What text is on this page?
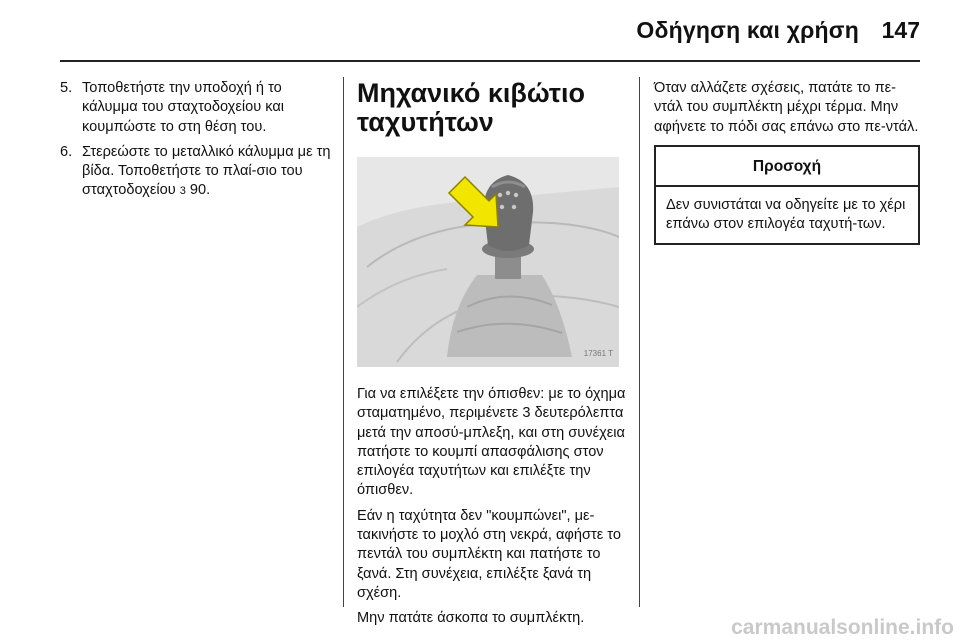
Οδήγηση και χρήση 147
5. Τοποθετήστε την υποδοχή ή το κάλυμμα του σταχτοδοχείου και κουμπώστε το στη θέση του.
6. Στερεώστε το μεταλλικό κάλυμμα με τη βίδα. Τοποθετήστε το πλαί-σιο του σταχτοδοχείου 3 90.
Μηχανικό κιβώτιο ταχυτήτων
17361 T

Για να επιλέξετε την όπισθεν: με το όχημα σταματημένο, περιμένετε 3 δευτερόλεπτα μετά την αποσύ-μπλεξη, και στη συνέχεια πατήστε το κουμπί απασφάλισης στον επιλογέα ταχυτήτων και επιλέξτε την όπισθεν.

Εάν η ταχύτητα δεν "κουμπώνει", με-τακινήστε το μοχλό στη νεκρά, αφήστε το πεντάλ του συμπλέκτη και πατήστε το ξανά. Στη συνέχεια, επιλέξτε ξανά τη σχέση.

Μην πατάτε άσκοπα το συμπλέκτη.

Όταν αλλάζετε σχέσεις, πατάτε το πε-ντάλ του συμπλέκτη μέχρι τέρμα. Μην αφήνετε το πόδι σας επάνω στο πε-ντάλ.

Προσοχή
Δεν συνιστάται να οδηγείτε με το χέρι επάνω στον επιλογέα ταχυτή-των.
carmanualsonline.info
